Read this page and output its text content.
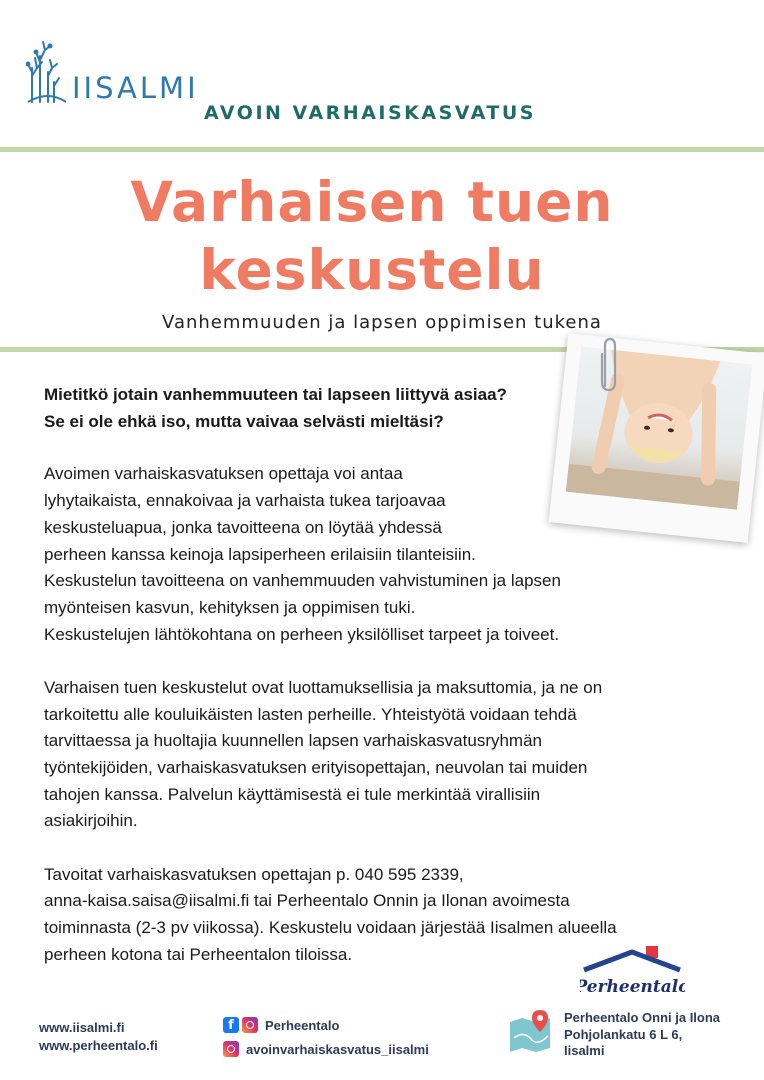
IISALMI
AVOIN VARHAISKASVATUS
Varhaisen tuen
keskustelu
Vanhemmuuden ja lapsen oppimisen tukena
Mietitkö jotain vanhemmuuteen tai lapseen liittyvä asiaa?
Se ei ole ehkä iso, mutta vaivaa selvästi mieltäsi?
Avoimen varhaiskasvatuksen opettaja voi antaa
lyhytaikaista, ennakoivaa ja varhaista tukea tarjoavaa
keskusteluapua, jonka tavoitteena on löytää yhdessä
perheen kanssa keinoja lapsiperheen erilaisiin tilanteisiin.
Keskustelun tavoitteena on vanhemmuuden vahvistuminen ja lapsen
myönteisen kasvun, kehityksen ja oppimisen tuki.
Keskustelujen lähtökohtana on perheen yksilölliset tarpeet ja toiveet.
Varhaisen tuen keskustelut ovat luottamuksellisia ja maksuttomia, ja ne on
tarkoitettu alle kouluikäisten lasten perheille. Yhteistyötä voidaan tehdä
tarvittaessa ja huoltajia kuunnellen lapsen varhaiskasvatusryhmän
työntekijöiden, varhaiskasvatuksen erityisopettajan, neuvolan tai muiden
tahojen kanssa. Palvelun käyttämisestä ei tule merkintää virallisiin
asiakirjoihin.
Tavoitat varhaiskasvatuksen opettajan p. 040 595 2339,
anna-kaisa.saisa@iisalmi.fi tai Perheentalo Onnin ja Ilonan avoimesta
toiminnasta (2-3 pv viikossa). Keskustelu voidaan järjestää Iisalmen alueella
perheen kotona tai Perheentalon tiloissa.
Perheentalo
www.iisalmi.fi
www.perheentalo.fi
f	Perheentalo
avoinvarhaiskasvatus_iisalmi
Perheentalo Onni ja Ilona
Pohjolankatu 6 L 6,
Iisalmi
